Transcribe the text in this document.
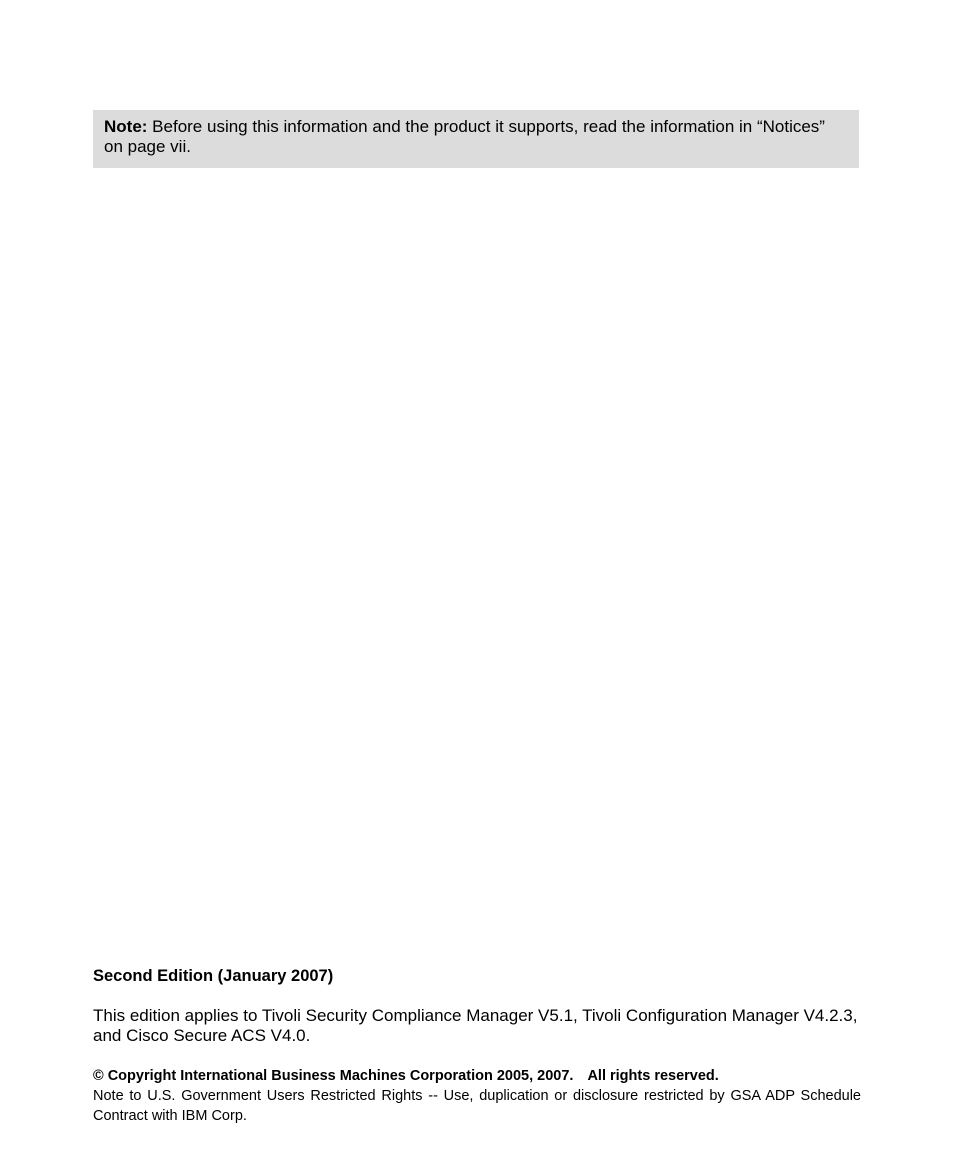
Note: Before using this information and the product it supports, read the information in “Notices” on page vii.
Second Edition (January 2007)
This edition applies to Tivoli Security Compliance Manager V5.1, Tivoli Configuration Manager V4.2.3, and Cisco Secure ACS V4.0.
© Copyright International Business Machines Corporation 2005, 2007. All rights reserved.
Note to U.S. Government Users Restricted Rights -- Use, duplication or disclosure restricted by GSA ADP Schedule Contract with IBM Corp.
